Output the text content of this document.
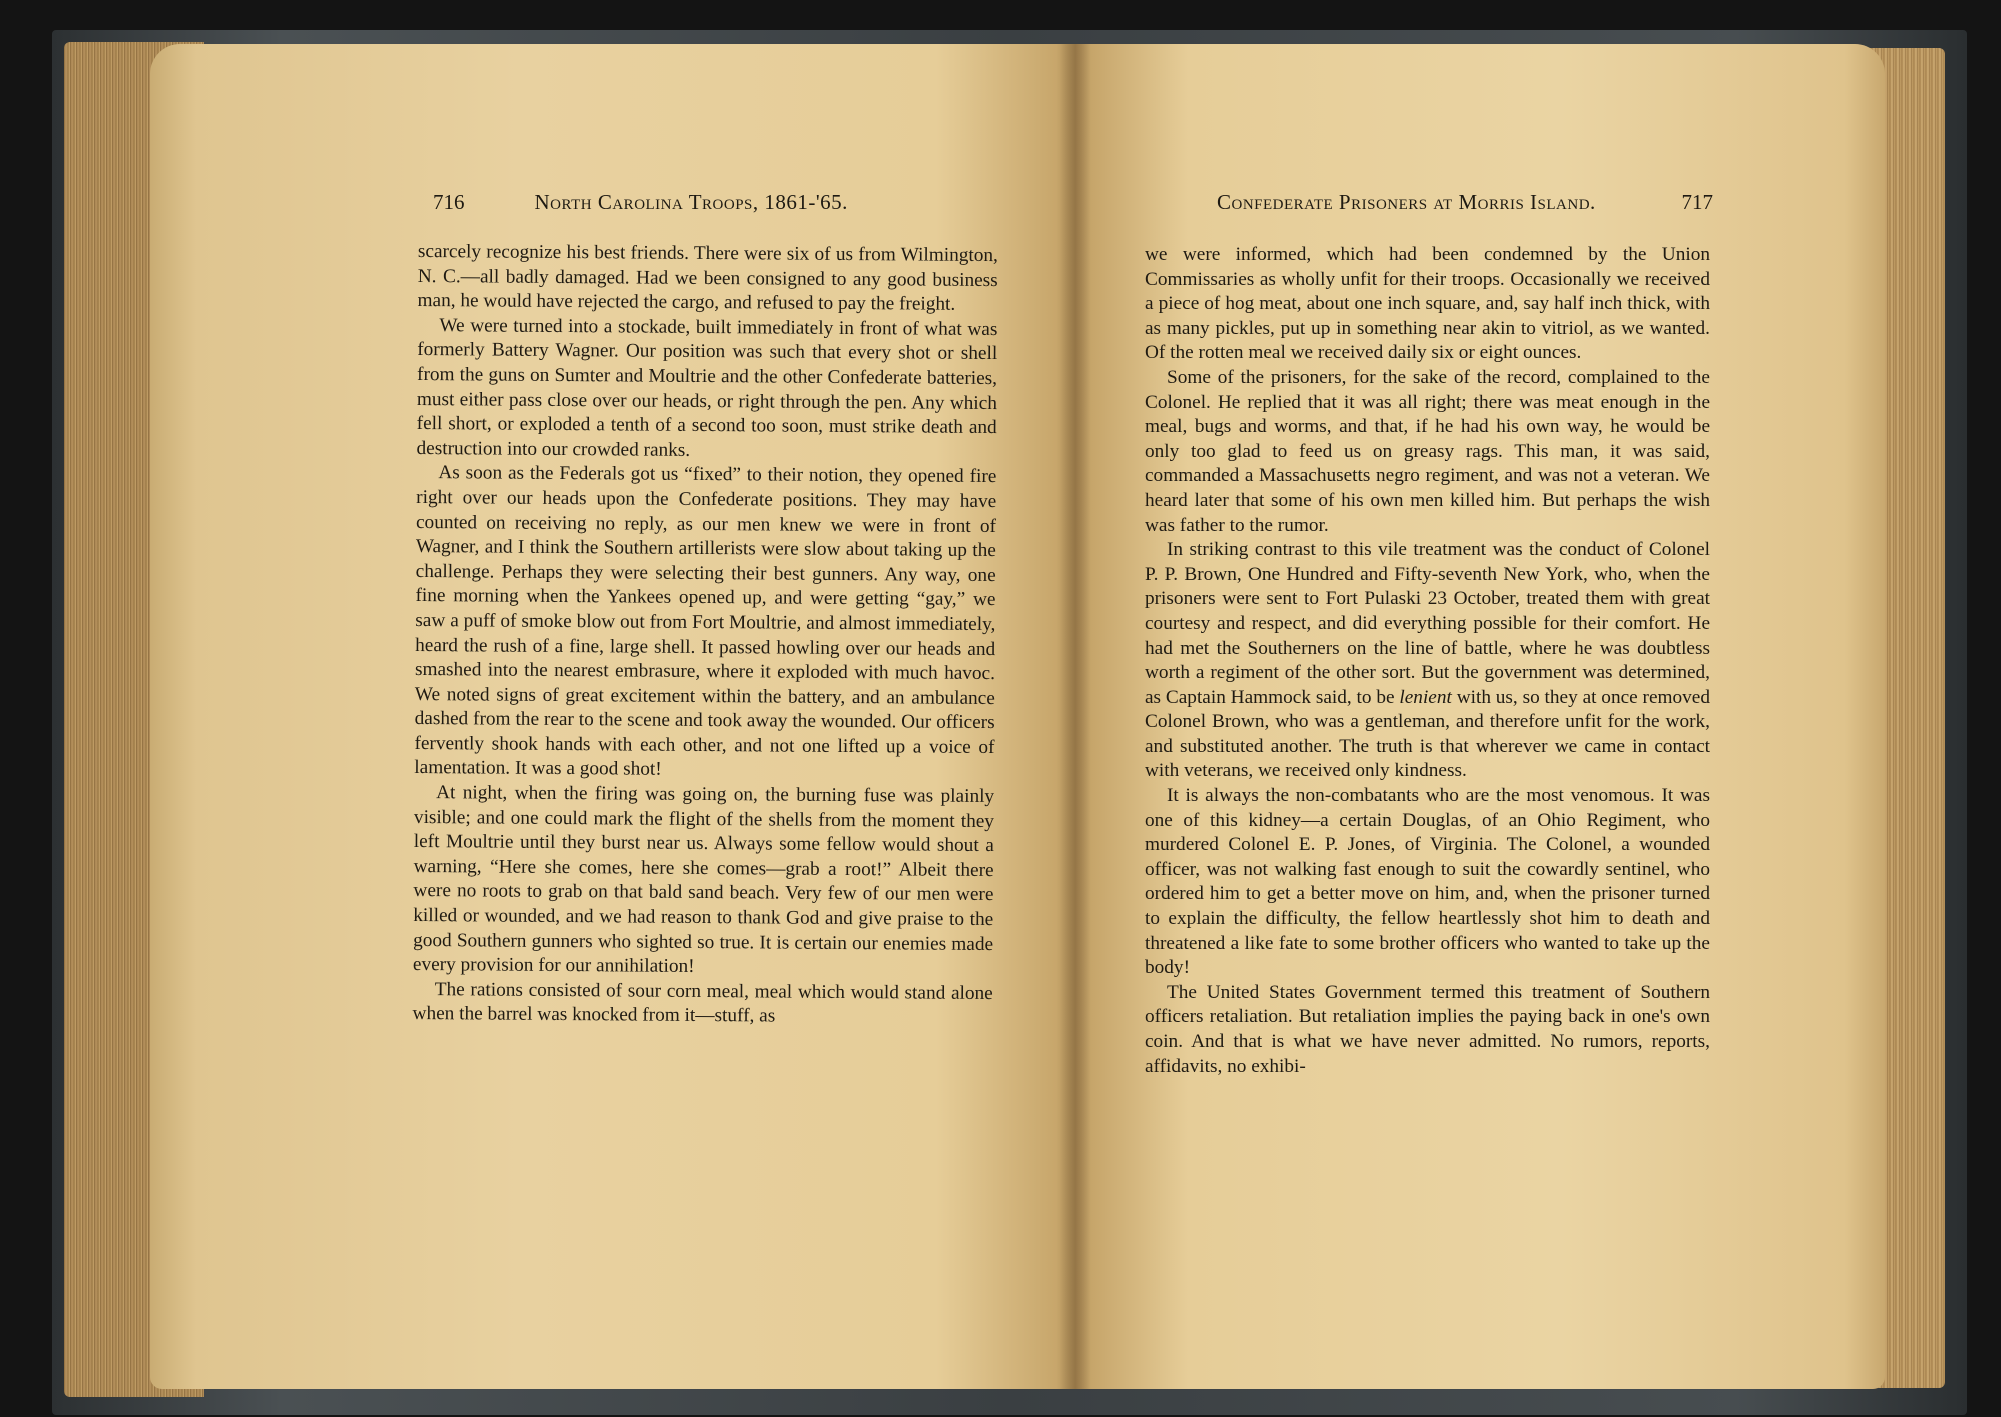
716	North Carolina Troops, 1861-'65.	Confederate Prisoners at Morris Island.	717

scarcely recognize his best friends. There were six of us from Wilmington, N. C.—all badly damaged. Had we been consigned to any good business man, he would have rejected the cargo, and refused to pay the freight.

We were turned into a stockade, built immediately in front of what was formerly Battery Wagner. Our position was such that every shot or shell from the guns on Sumter and Moultrie and the other Confederate batteries, must either pass close over our heads, or right through the pen. Any which fell short, or exploded a tenth of a second too soon, must strike death and destruction into our crowded ranks.

As soon as the Federals got us “fixed” to their notion, they opened fire right over our heads upon the Confederate positions. They may have counted on receiving no reply, as our men knew we were in front of Wagner, and I think the Southern artillerists were slow about taking up the challenge. Perhaps they were selecting their best gunners. Any way, one fine morning when the Yankees opened up, and were getting “gay,” we saw a puff of smoke blow out from Fort Moultrie, and almost immediately, heard the rush of a fine, large shell. It passed howling over our heads and smashed into the nearest embrasure, where it exploded with much havoc. We noted signs of great excitement within the battery, and an ambulance dashed from the rear to the scene and took away the wounded. Our officers fervently shook hands with each other, and not one lifted up a voice of lamentation. It was a good shot!

At night, when the firing was going on, the burning fuse was plainly visible; and one could mark the flight of the shells from the moment they left Moultrie until they burst near us. Always some fellow would shout a warning, “Here she comes, here she comes—grab a root!” Albeit there were no roots to grab on that bald sand beach. Very few of our men were killed or wounded, and we had reason to thank God and give praise to the good Southern gunners who sighted so true. It is certain our enemies made every provision for our annihilation!

The rations consisted of sour corn meal, meal which would stand alone when the barrel was knocked from it—stuff, as

we were informed, which had been condemned by the Union Commissaries as wholly unfit for their troops. Occasionally we received a piece of hog meat, about one inch square, and, say half inch thick, with as many pickles, put up in something near akin to vitriol, as we wanted. Of the rotten meal we received daily six or eight ounces.

Some of the prisoners, for the sake of the record, complained to the Colonel. He replied that it was all right; there was meat enough in the meal, bugs and worms, and that, if he had his own way, he would be only too glad to feed us on greasy rags. This man, it was said, commanded a Massachusetts negro regiment, and was not a veteran. We heard later that some of his own men killed him. But perhaps the wish was father to the rumor.

In striking contrast to this vile treatment was the conduct of Colonel P. P. Brown, One Hundred and Fifty-seventh New York, who, when the prisoners were sent to Fort Pulaski 23 October, treated them with great courtesy and respect, and did everything possible for their comfort. He had met the Southerners on the line of battle, where he was doubtless worth a regiment of the other sort. But the government was determined, as Captain Hammock said, to be lenient with us, so they at once removed Colonel Brown, who was a gentleman, and therefore unfit for the work, and substituted another. The truth is that wherever we came in contact with veterans, we received only kindness.

It is always the non-combatants who are the most venomous. It was one of this kidney—a certain Douglas, of an Ohio Regiment, who murdered Colonel E. P. Jones, of Virginia. The Colonel, a wounded officer, was not walking fast enough to suit the cowardly sentinel, who ordered him to get a better move on him, and, when the prisoner turned to explain the difficulty, the fellow heartlessly shot him to death and threatened a like fate to some brother officers who wanted to take up the body!

The United States Government termed this treatment of Southern officers retaliation. But retaliation implies the paying back in one's own coin. And that is what we have never admitted. No rumors, reports, affidavits, no exhibi-
